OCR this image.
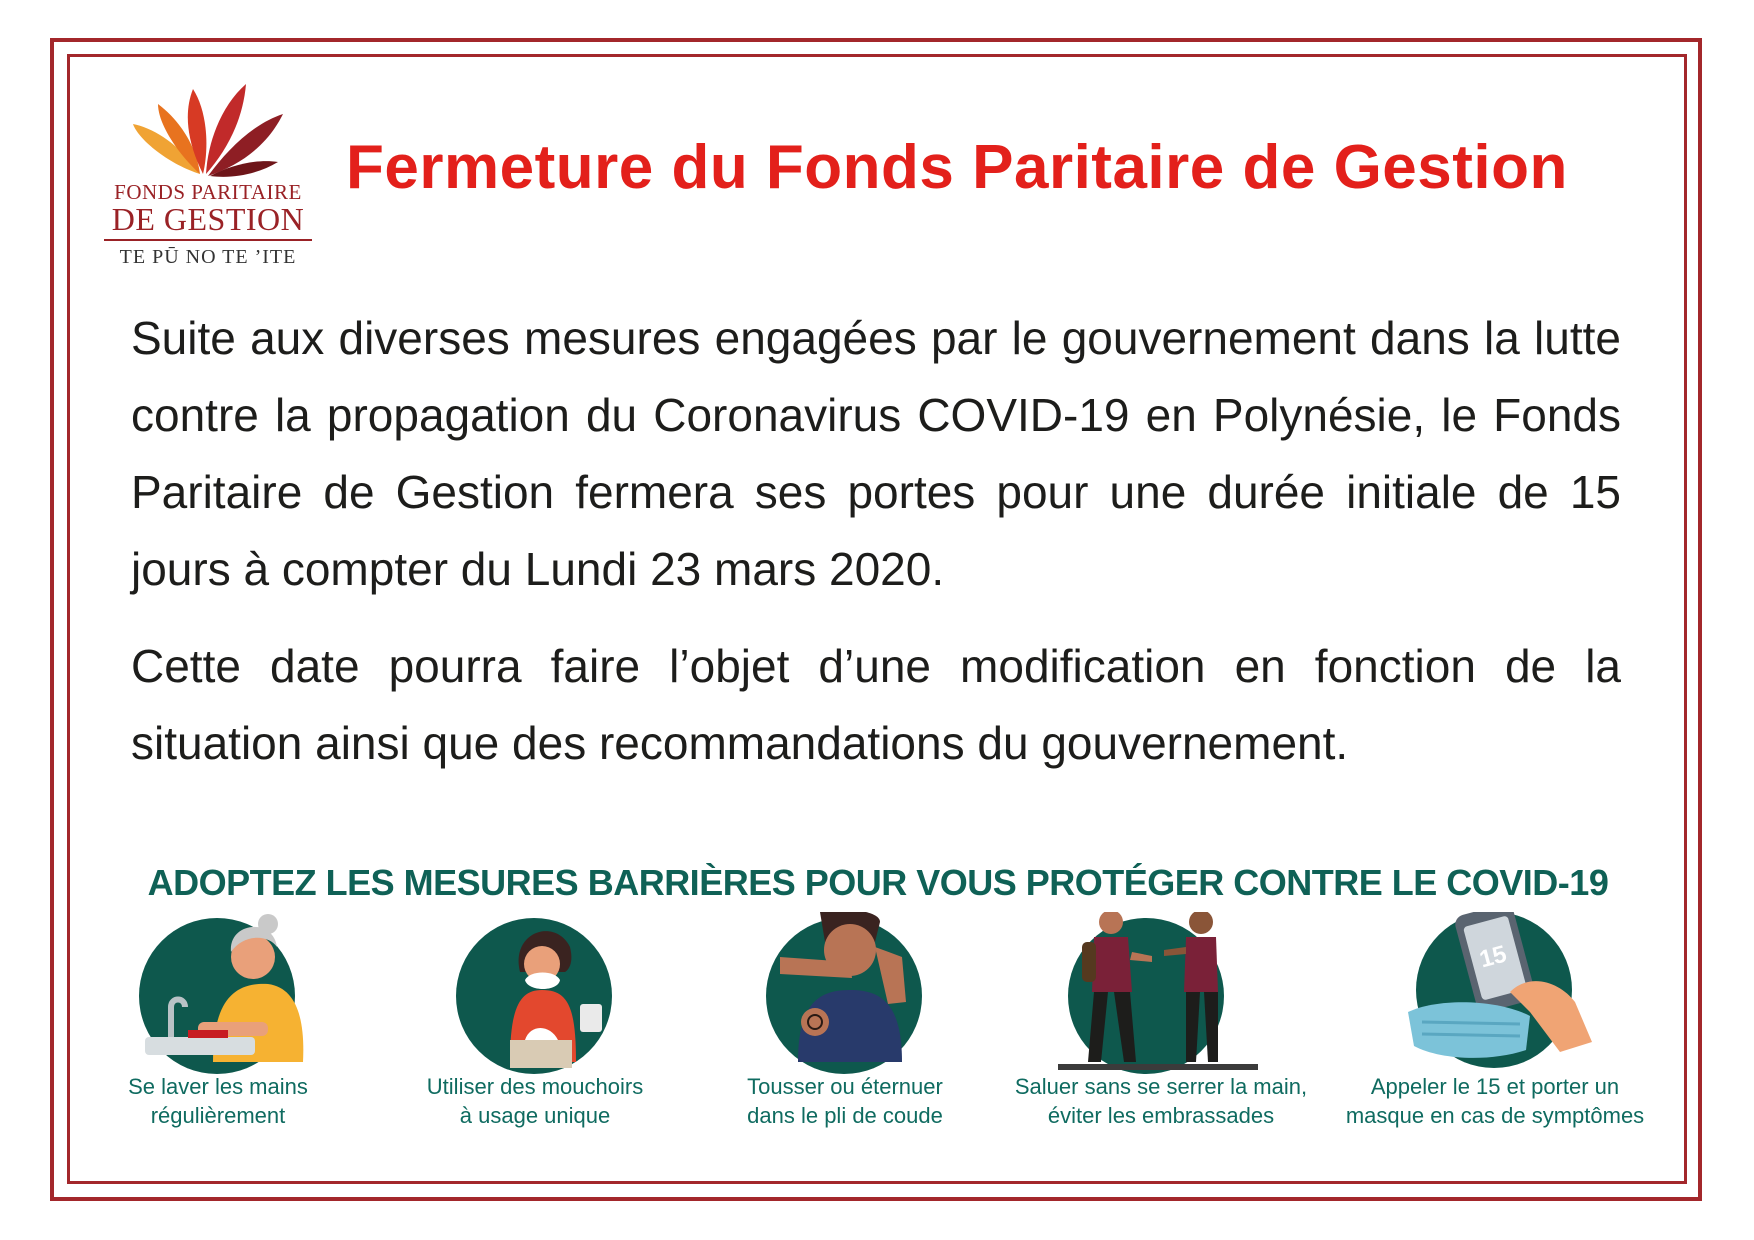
FONDS PARITAIRE
DE GESTION
TE PŪ NO TE ’ITE
Fermeture du Fonds Paritaire de Gestion
Suite aux diverses mesures engagées par le gouvernement dans la lutte contre la propagation du Coronavirus COVID-19 en Polynésie, le Fonds Paritaire de Gestion fermera ses portes pour une durée initiale de 15 jours à compter du Lundi 23 mars 2020.
Cette date pourra faire l’objet d’une modification en fonction de la situation ainsi que des recommandations du gouvernement.
ADOPTEZ LES MESURES BARRIÈRES POUR VOUS PROTÉGER CONTRE LE COVID-19
Se laver les mains
régulièrement
Utiliser des mouchoirs
à usage unique
Tousser ou éternuer
dans le pli de coude
Saluer sans se serrer la main,
éviter les embrassades
15
Appeler le 15 et porter un
masque en cas de symptômes
